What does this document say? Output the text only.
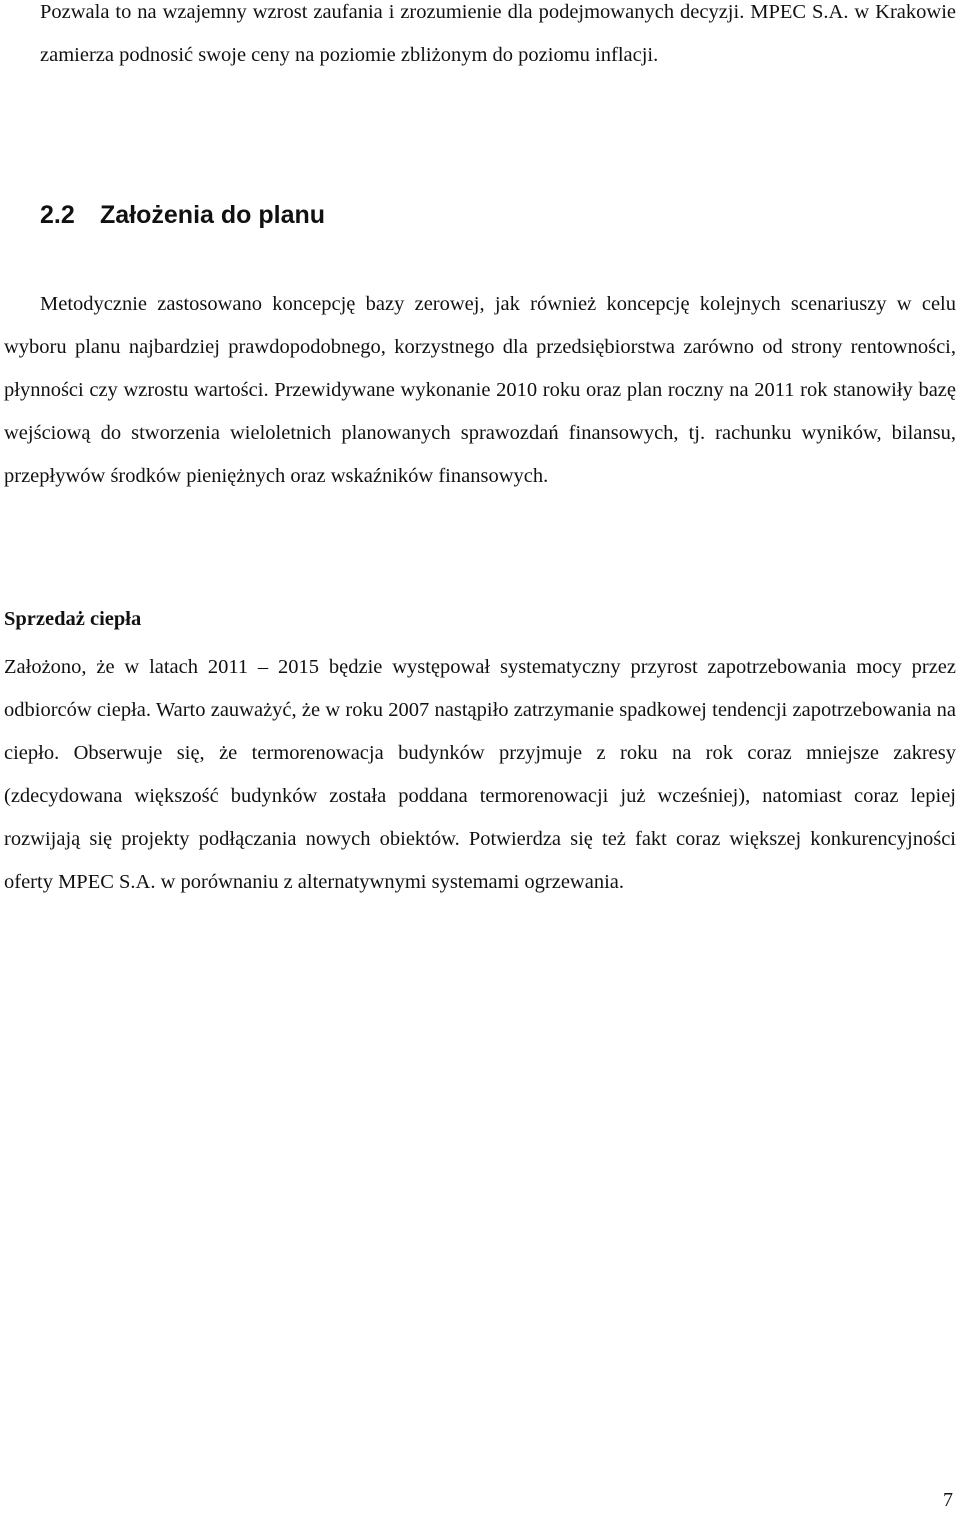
Pozwala to na wzajemny wzrost zaufania i zrozumienie dla podejmowanych decyzji. MPEC S.A. w Krakowie zamierza podnosić swoje ceny na poziomie zbliżonym do poziomu inflacji.

2.2 Założenia do planu

Metodycznie zastosowano koncepcję bazy zerowej, jak również koncepcję kolejnych scenariuszy w celu wyboru planu najbardziej prawdopodobnego, korzystnego dla przedsiębiorstwa zarówno od strony rentowności, płynności czy wzrostu wartości. Przewidywane wykonanie 2010 roku oraz plan roczny na 2011 rok stanowiły bazę wejściową do stworzenia wieloletnich planowanych sprawozdań finansowych, tj. rachunku wyników, bilansu, przepływów środków pieniężnych oraz wskaźników finansowych.

Sprzedaż ciepła

Założono, że w latach 2011 – 2015 będzie występował systematyczny przyrost zapotrzebowania mocy przez odbiorców ciepła. Warto zauważyć, że w roku 2007 nastąpiło zatrzymanie spadkowej tendencji zapotrzebowania na ciepło. Obserwuje się, że termorenowacja budynków przyjmuje z roku na rok coraz mniejsze zakresy (zdecydowana większość budynków została poddana termorenowacji już wcześniej), natomiast coraz lepiej rozwijają się projekty podłączania nowych obiektów. Potwierdza się też fakt coraz większej konkurencyjności oferty MPEC S.A. w porównaniu z alternatywnymi systemami ogrzewania.

7
